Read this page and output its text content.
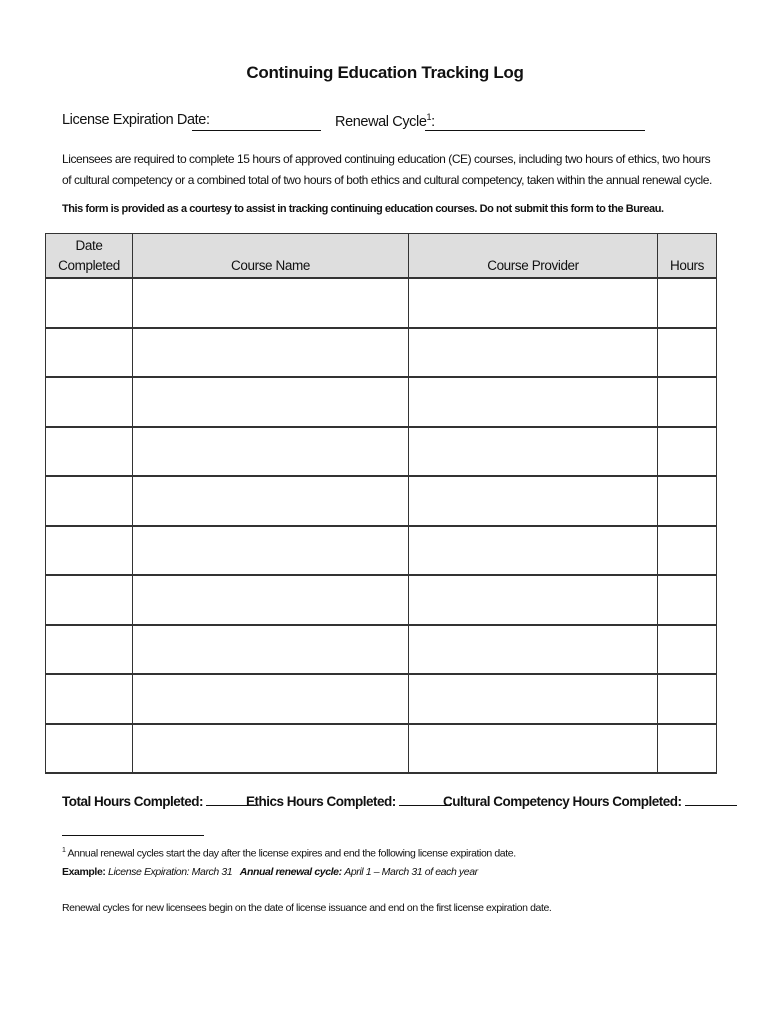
Continuing Education Tracking Log
License Expiration Date:	Renewal Cycle$^1$:
Licensees are required to complete 15 hours of approved continuing education (CE) courses, including two hours of ethics, two hours of cultural competency or a combined total of two hours of both ethics and cultural competency, taken within the annual renewal cycle.
This form is provided as a courtesy to assist in tracking continuing education courses. Do not submit this form to the Bureau.
Date
Completed	Course Name	Course Provider	Hours

Total Hours Completed:	Ethics Hours Completed:	Cultural Competency Hours Completed:
$^1$ Annual renewal cycles start the day after the license expires and end the following license expiration date.
Example: License Expiration: March 31 Annual renewal cycle: April 1 – March 31 of each year
Renewal cycles for new licensees begin on the date of license issuance and end on the first license expiration date.
